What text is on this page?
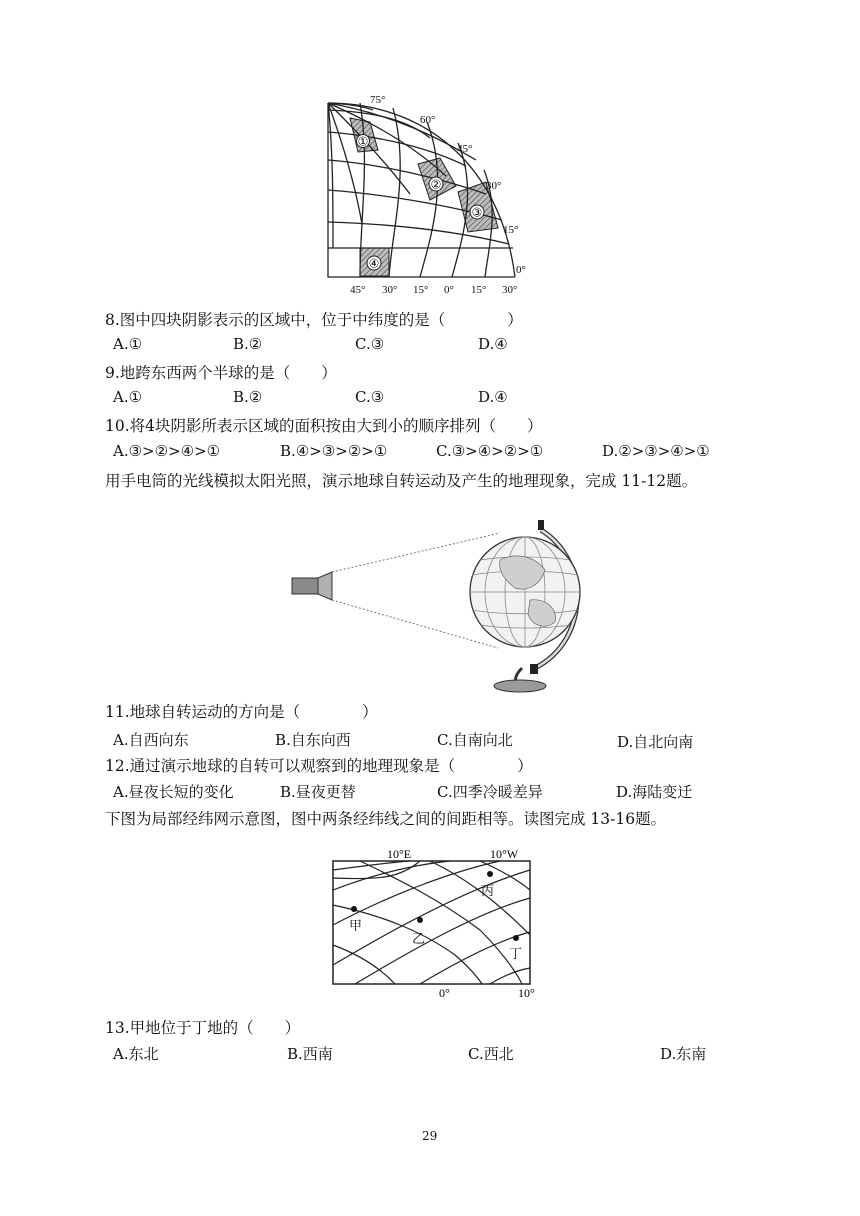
①
②
③
④
75°
60°
45°
30°
15°
0°
45° 30° 15° 0° 15° 30°
8.图中四块阴影表示的区域中，位于中纬度的是（　　　　）
A.①	B.②	C.③	D.④
9.地跨东西两个半球的是（　　）
A.①	B.②	C.③	D.④
10.将4块阴影所表示区域的面积按由大到小的顺序排列（　　）
A.③>②>④>①	B.④>③>②>①	C.③>④>②>①	D.②>③>④>①
用手电筒的光线模拟太阳光照，演示地球自转运动及产生的地理现象，完成 11-12题。
11.地球自转运动的方向是（　　　　）
A.自西向东	B.自东向西	C.自南向北	D.自北向南
12.通过演示地球的自转可以观察到的地理现象是（　　　　）
A.昼夜长短的变化	B.昼夜更替	C.四季冷暖差异	D.海陆变迁
下图为局部经纬网示意图，图中两条经纬线之间的间距相等。读图完成 13-16题。
10°E	10°W
甲
乙
丙
丁
0°	10°
13.甲地位于丁地的（　　）
A.东北	B.西南	C.西北	D.东南
29
